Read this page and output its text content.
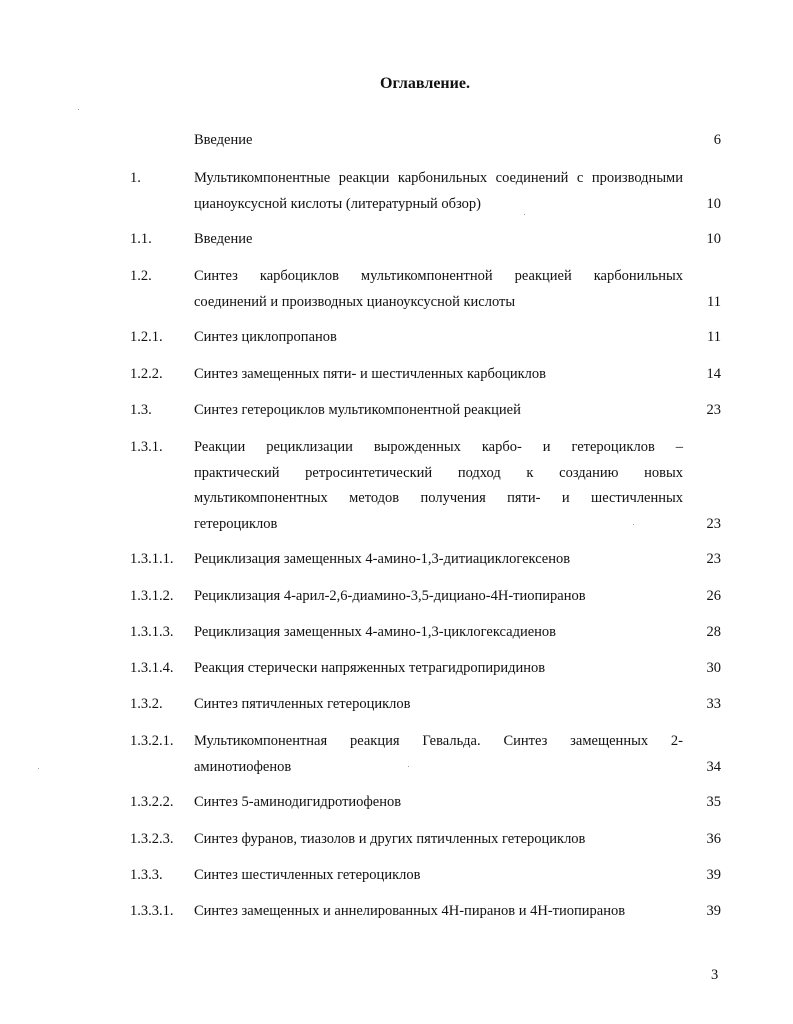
Оглавление.
Введение	6
1.	Мультикомпонентные реакции карбонильных соединений с производными
цианоуксусной кислоты (литературный обзор)	10
1.1.	Введение	10
1.2.	Синтез карбоциклов мультикомпонентной реакцией карбонильных
соединений и производных цианоуксусной кислоты	11
1.2.1. Синтез циклопропанов	11
1.2.2. Синтез замещенных пяти- и шестичленных карбоциклов	14
1.3.	Синтез гетероциклов мультикомпонентной реакцией	23
1.3.1. Реакции рециклизации вырожденных карбо- и гетероциклов –
практический ретросинтетический подход к созданию новых
мультикомпонентных методов получения пяти- и шестичленных
гетероциклов	23
1.3.1.1. Рециклизация замещенных 4-амино-1,3-дитиациклогексенов	23
1.3.1.2. Рециклизация 4-арил-2,6-диамино-3,5-дициано-4H-тиопиранов	26
1.3.1.3. Рециклизация замещенных 4-амино-1,3-циклогексадиенов	28
1.3.1.4. Реакция стерически напряженных тетрагидропиридинов	30
1.3.2. Синтез пятичленных гетероциклов	33
1.3.2.1. Мультикомпонентная реакция Гевальда. Синтез замещенных 2-
аминотиофенов	34
1.3.2.2. Синтез 5-аминодигидротиофенов	35
1.3.2.3. Синтез фуранов, тиазолов и других пятичленных гетероциклов	36
1.3.3. Синтез шестичленных гетероциклов	39
1.3.3.1. Синтез замещенных и аннелированных 4H-пиранов и 4H-тиопиранов	39
3
